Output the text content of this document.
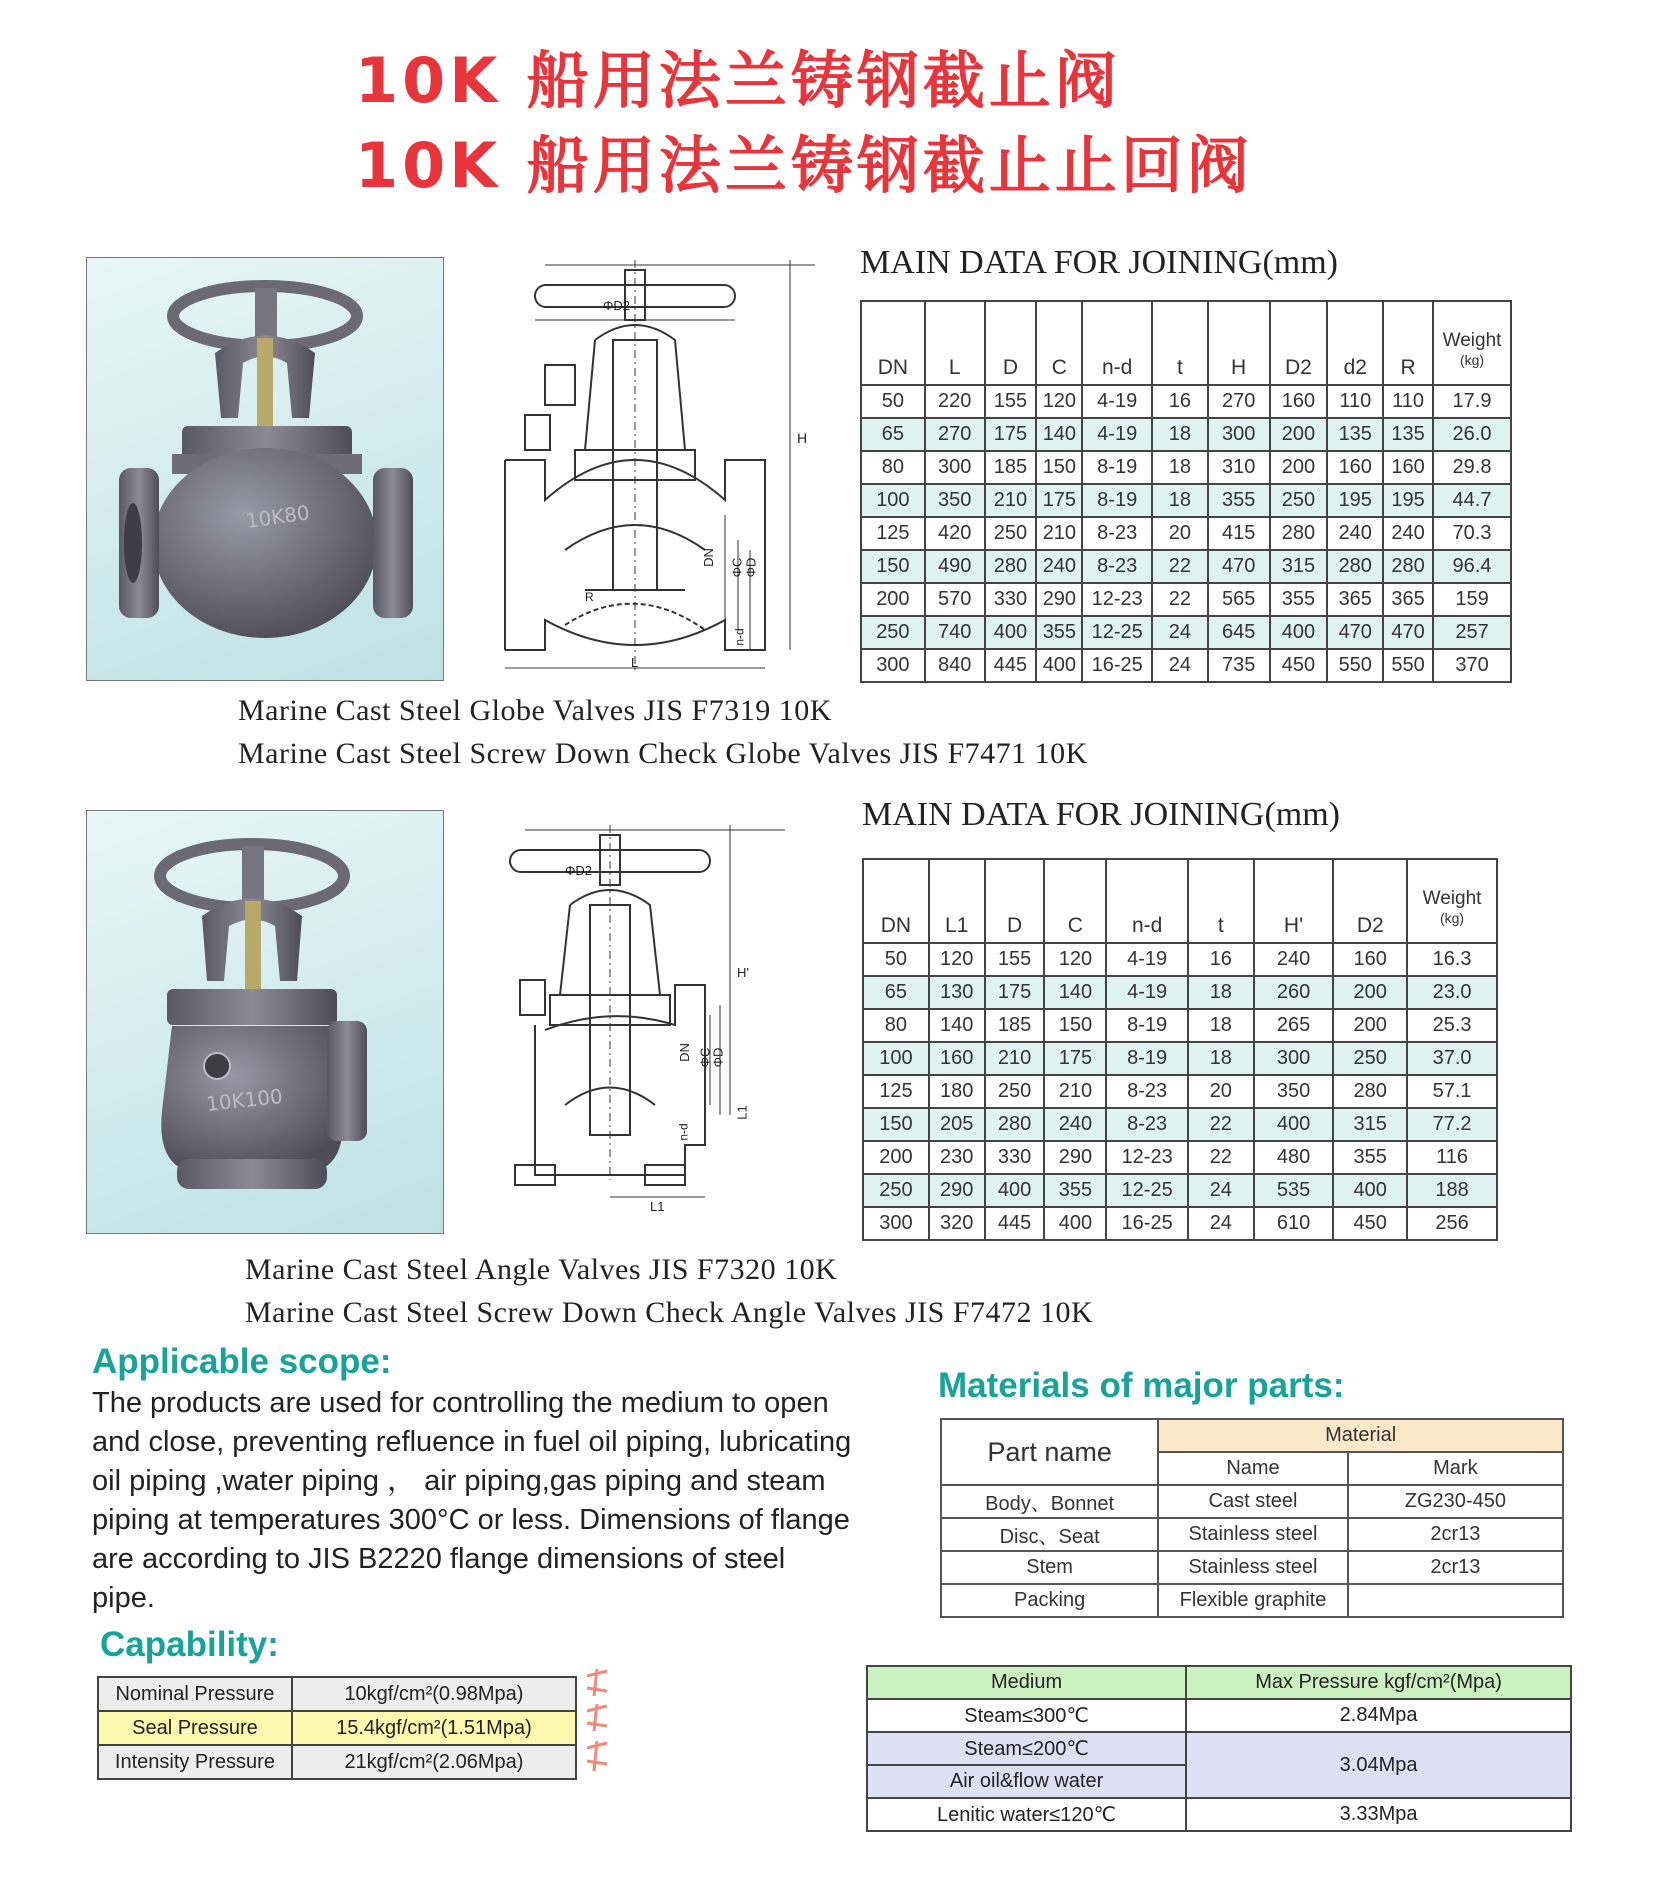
10K 船用法兰铸钢截止阀
10K 船用法兰铸钢截止止回阀
10K80
ΦD2
H
DN
ΦC ΦD
L
n-d
R
MAIN DATA FOR JOINING(mm)
DN	L	D	C	n-d	t	H	D2	d2	R	Weight
(kg)

50	220	155	120	4-19	16	270	160	110	110	17.9
65	270	175	140	4-19	18	300	200	135	135	26.0
80	300	185	150	8-19	18	310	200	160	160	29.8
100	350	210	175	8-19	18	355	250	195	195	44.7
125	420	250	210	8-23	20	415	280	240	240	70.3
150	490	280	240	8-23	22	470	315	280	280	96.4
200	570	330	290	12-23	22	565	355	365	365	159
250	740	400	355	12-25	24	645	400	470	470	257
300	840	445	400	16-25	24	735	450	550	550	370
Marine Cast Steel Globe Valves JIS F7319 10K
Marine Cast Steel Screw Down Check Globe Valves JIS F7471 10K
10K100
ΦD2
H'
DN ΦC
ΦD
L1
L1
n-d
MAIN DATA FOR JOINING(mm)
DN	L1	D	C	n-d	t	H'	D2	Weight
(kg)

50	120	155	120	4-19	16	240	160	16.3
65	130	175	140	4-19	18	260	200	23.0
80	140	185	150	8-19	18	265	200	25.3
100	160	210	175	8-19	18	300	250	37.0
125	180	250	210	8-23	20	350	280	57.1
150	205	280	240	8-23	22	400	315	77.2
200	230	330	290	12-23	22	480	355	116
250	290	400	355	12-25	24	535	400	188
300	320	445	400	16-25	24	610	450	256
Marine Cast Steel Angle Valves JIS F7320 10K
Marine Cast Steel Screw Down Check Angle Valves JIS F7472 10K
Applicable scope:
The products are used for controlling the medium to open and close, preventing refluence in fuel oil piping, lubricating oil piping ,water piping ， air piping,gas piping and steam piping at temperatures 300°C or less. Dimensions of flange are according to JIS B2220 flange dimensions of steel pipe.
Capability:
Nominal Pressure	10kgf/cm²(0.98Mpa)
Seal Pressure	15.4kgf/cm²(1.51Mpa)
Intensity Pressure	21kgf/cm²(2.06Mpa)
Materials of major parts:
Part name	Material	
	Name	Mark
Body、Bonnet	Cast steel	ZG230-450
Disc、Seat	Stainless steel	2cr13
Stem	Stainless steel	2cr13
Packing	Flexible graphite	
Medium	Max Pressure kgf/cm²(Mpa)
Steam≤300℃	2.84Mpa
Steam≤200℃	3.04Mpa
Air oil&flow water	
Lenitic water≤120℃	3.33Mpa
